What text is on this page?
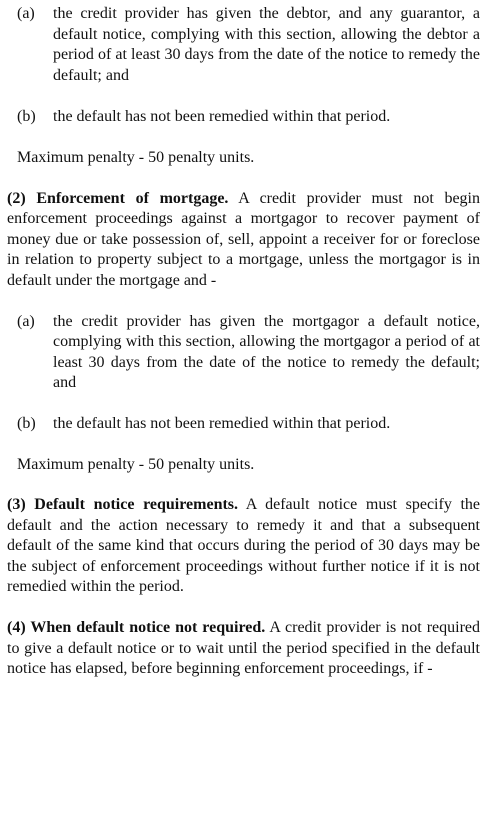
(a)	the credit provider has given the debtor, and any guarantor, a default notice, complying with this section, allowing the debtor a period of at least 30 days from the date of the notice to remedy the default; and
(b)	the default has not been remedied within that period.
Maximum penalty - 50 penalty units.
(2) Enforcement of mortgage. A credit provider must not begin enforcement proceedings against a mortgagor to recover payment of money due or take possession of, sell, appoint a receiver for or foreclose in relation to property subject to a mortgage, unless the mortgagor is in default under the mortgage and -
(a)	the credit provider has given the mortgagor a default notice, complying with this section, allowing the mortgagor a period of at least 30 days from the date of the notice to remedy the default; and
(b)	the default has not been remedied within that period.
Maximum penalty - 50 penalty units.
(3) Default notice requirements. A default notice must specify the default and the action necessary to remedy it and that a subsequent default of the same kind that occurs during the period of 30 days may be the subject of enforcement proceedings without further notice if it is not remedied within the period.
(4) When default notice not required. A credit provider is not required to give a default notice or to wait until the period specified in the default notice has elapsed, before beginning enforcement proceedings, if -
